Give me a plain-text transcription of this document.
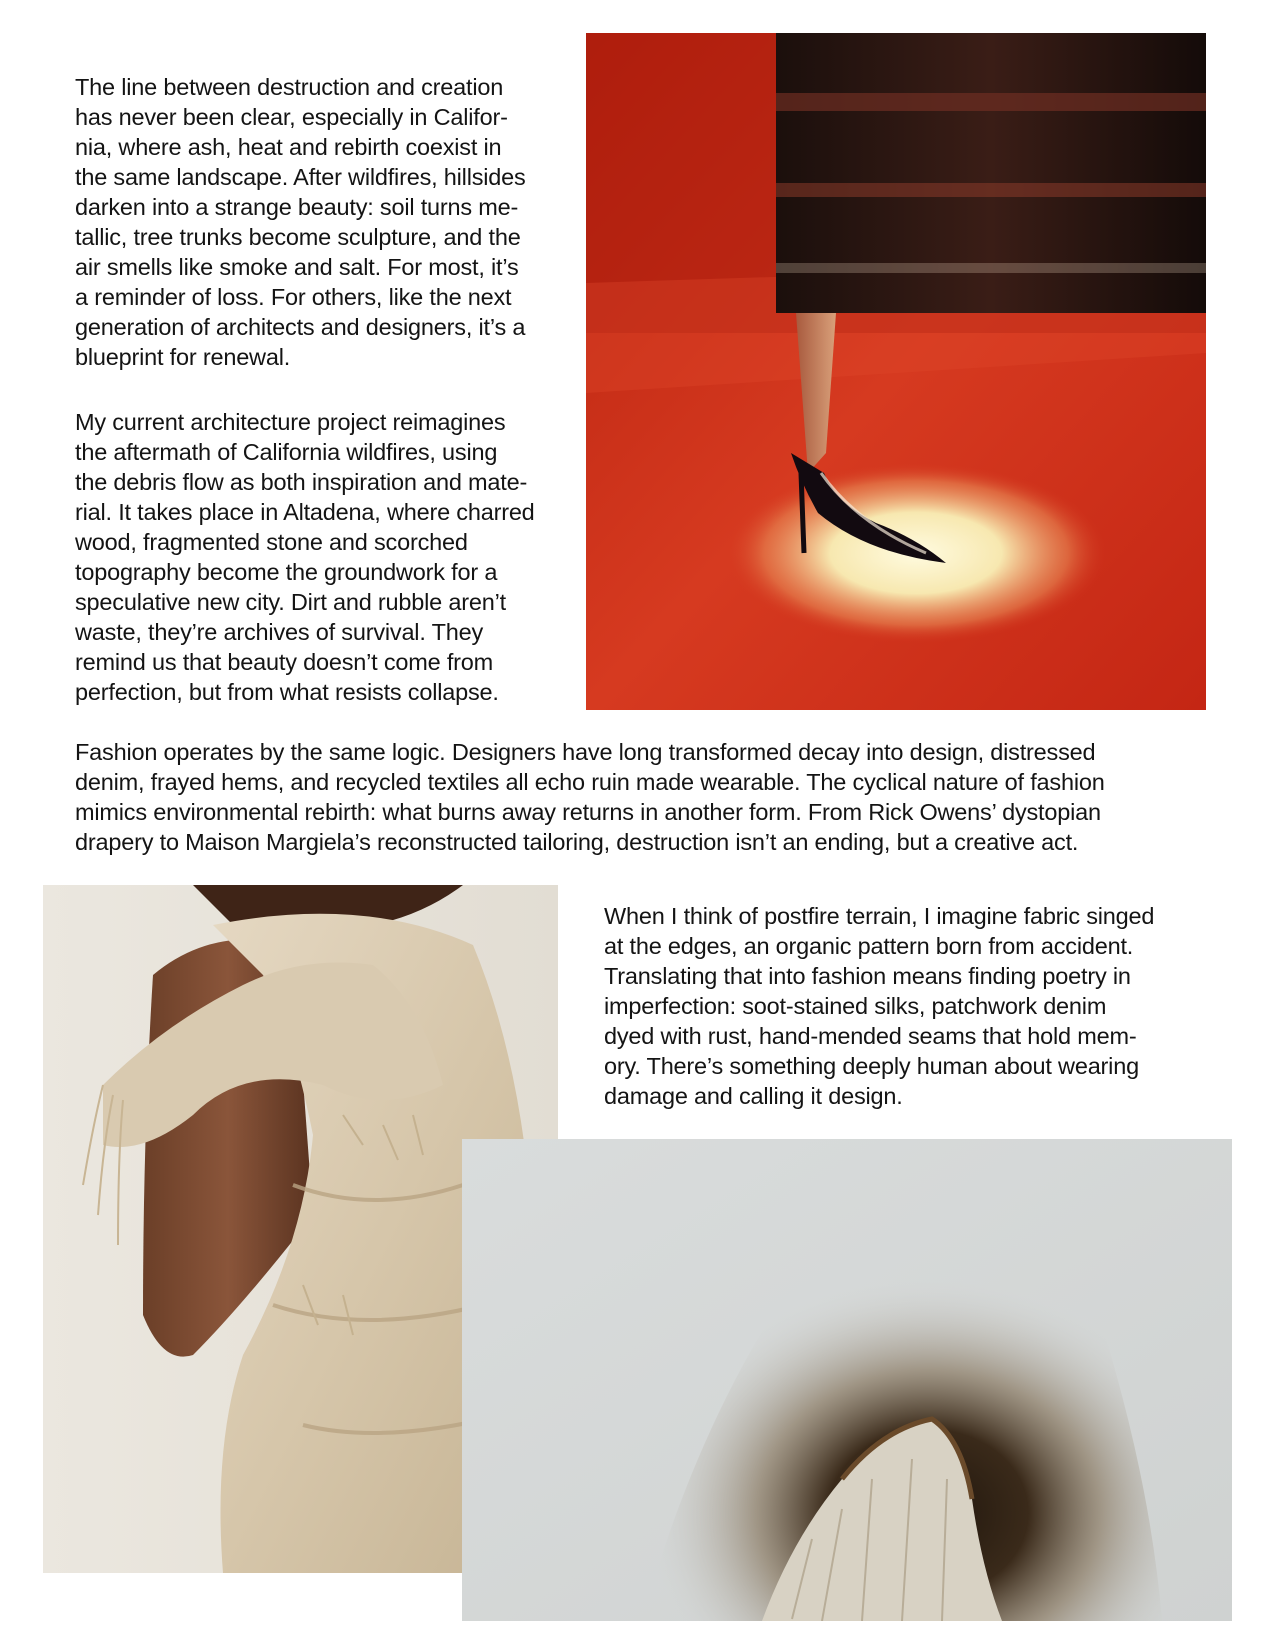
The line between destruction and creation
has never been clear, especially in Califor-
nia, where ash, heat and rebirth coexist in
the same landscape. After wildfires, hillsides
darken into a strange beauty: soil turns me-
tallic, tree trunks become sculpture, and the
air smells like smoke and salt. For most, it’s
a reminder of loss. For others, like the next
generation of architects and designers, it’s a
blueprint for renewal.

My current architecture project reimagines
the aftermath of California wildfires, using
the debris flow as both inspiration and mate-
rial. It takes place in Altadena, where charred
wood, fragmented stone and scorched
topography become the groundwork for a
speculative new city. Dirt and rubble aren’t
waste, they’re archives of survival. They
remind us that beauty doesn’t come from
perfection, but from what resists collapse.

Fashion operates by the same logic. Designers have long transformed decay into design, distressed
denim, frayed hems, and recycled textiles all echo ruin made wearable. The cyclical nature of fashion
mimics environmental rebirth: what burns away returns in another form. From Rick Owens’ dystopian
drapery to Maison Margiela’s reconstructed tailoring, destruction isn’t an ending, but a creative act.

When I think of postfire terrain, I imagine fabric singed
at the edges, an organic pattern born from accident.
Translating that into fashion means finding poetry in
imperfection: soot-stained silks, patchwork denim
dyed with rust, hand-mended seams that hold mem-
ory. There’s something deeply human about wearing
damage and calling it design.
